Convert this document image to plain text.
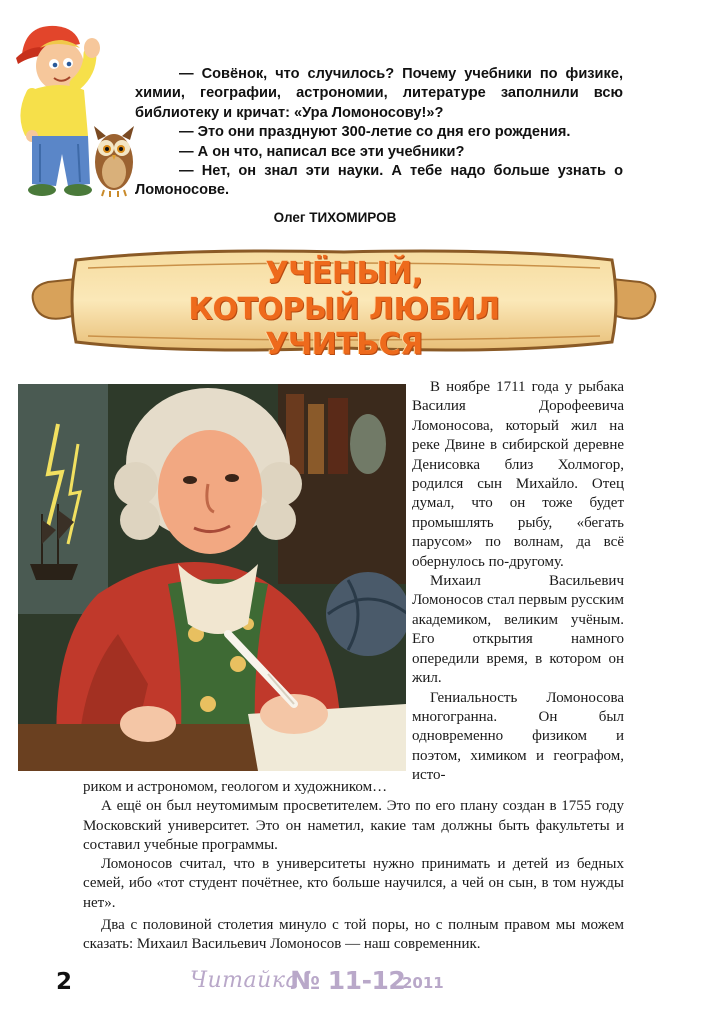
— Совёнок, что случилось? Почему учебники по физике, химии, географии, астрономии, литературе заполнили всю библиотеку и кричат: «Ура Ломоносову!»?

— Это они празднуют 300-летие со дня его рождения.

— А он что, написал все эти учебники?

— Нет, он знал эти науки. А тебе надо больше узнать о Ломоносове.

Олег ТИХОМИРОВ
УЧЁНЫЙ,
КОТОРЫЙ ЛЮБИЛ УЧИТЬСЯ

В ноябре 1711 года у рыбака Василия Дорофеевича Ломоносова, который жил на реке Двине в сибирской деревне Денисовка близ Холмогор, родился сын Михайло. Отец думал, что он тоже будет промышлять рыбу, «бегать парусом» по волнам, да всё обернулось по-другому.

Михаил Васильевич Ломоносов стал первым русским академиком, великим учёным. Его открытия намного опередили время, в котором он жил.

Гениальность Ломоносова многогранна. Он был одновременно физиком и поэтом, химиком и географом, исто-

риком и астрономом, геологом и художником…

А ещё он был неутомимым просветителем. Это по его плану создан в 1755 году Московский университет. Это он наметил, какие там должны быть факультеты и составил учебные программы.

Ломоносов считал, что в университеты нужно принимать и детей из бедных семей, ибо «тот студент почётнее, кто больше научился, а чей он сын, в том нужды нет».

Два с половиной столетия минуло с той поры, но с полным правом мы можем сказать: Михаил Васильевич Ломоносов — наш современник.

2	Читайка
№ 11-12
2011
